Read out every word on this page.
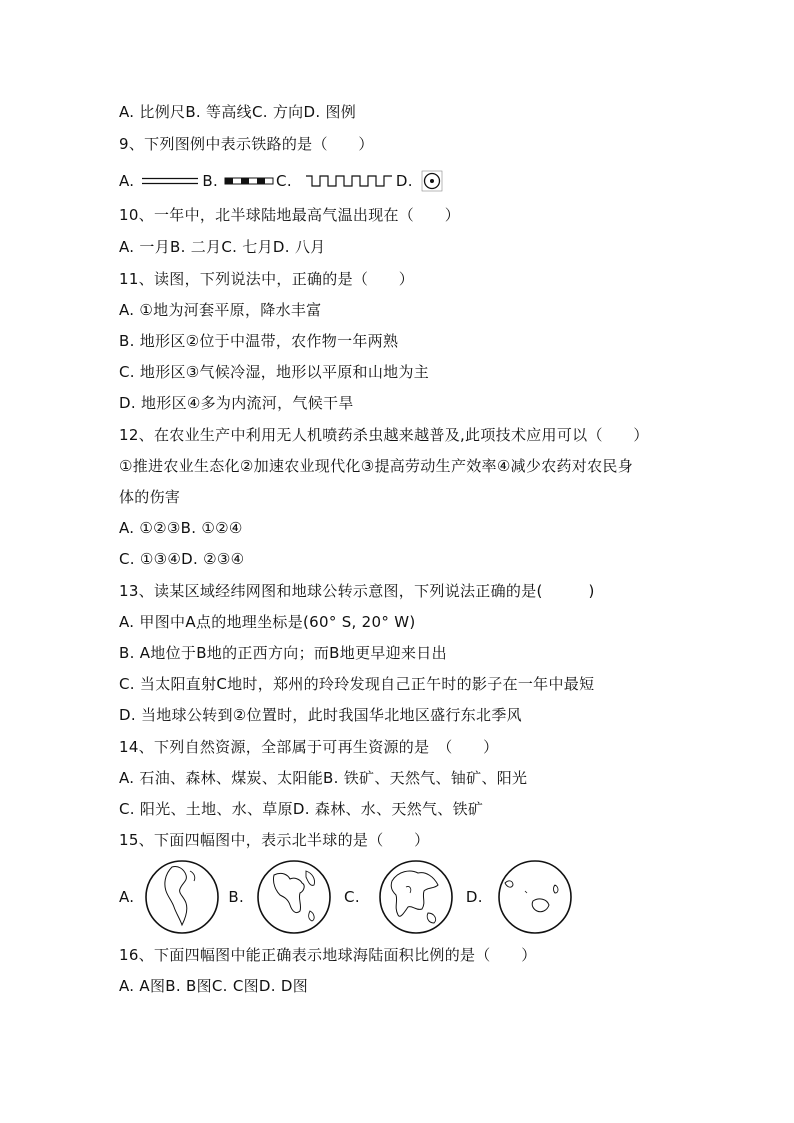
A. 比例尺B. 等高线C. 方向D. 图例
9、下列图例中表示铁路的是（　　）
A.	B.	C.	D.
10、一年中，北半球陆地最高气温出现在（　　）
A. 一月B. 二月C. 七月D. 八月
11、读图，下列说法中，正确的是（　　）
A. ①地为河套平原，降水丰富
B. 地形区②位于中温带，农作物一年两熟
C. 地形区③气候冷湿，地形以平原和山地为主
D. 地形区④多为内流河，气候干旱
12、在农业生产中利用无人机喷药杀虫越来越普及,此项技术应用可以（　　）
①推进农业生态化②加速农业现代化③提高劳动生产效率④减少农药对农民身
体的伤害
A. ①②③B. ①②④
C. ①③④D. ②③④
13、读某区域经纬网图和地球公转示意图，下列说法正确的是(　　　)
A. 甲图中A点的地理坐标是(60° S, 20° W)
B. A地位于B地的正西方向；而B地更早迎来日出
C. 当太阳直射C地时，郑州的玲玲发现自己正午时的影子在一年中最短
D. 当地球公转到②位置时，此时我国华北地区盛行东北季风
14、下列自然资源，全部属于可再生资源的是　（　　）
A. 石油、森林、煤炭、太阳能B. 铁矿、天然气、铀矿、阳光
C. 阳光、土地、水、草原D. 森林、水、天然气、铁矿
15、下面四幅图中，表示北半球的是（　　）
A.	B.	C.	D.
16、下面四幅图中能正确表示地球海陆面积比例的是（　　）
A. A图B. B图C. C图D. D图
